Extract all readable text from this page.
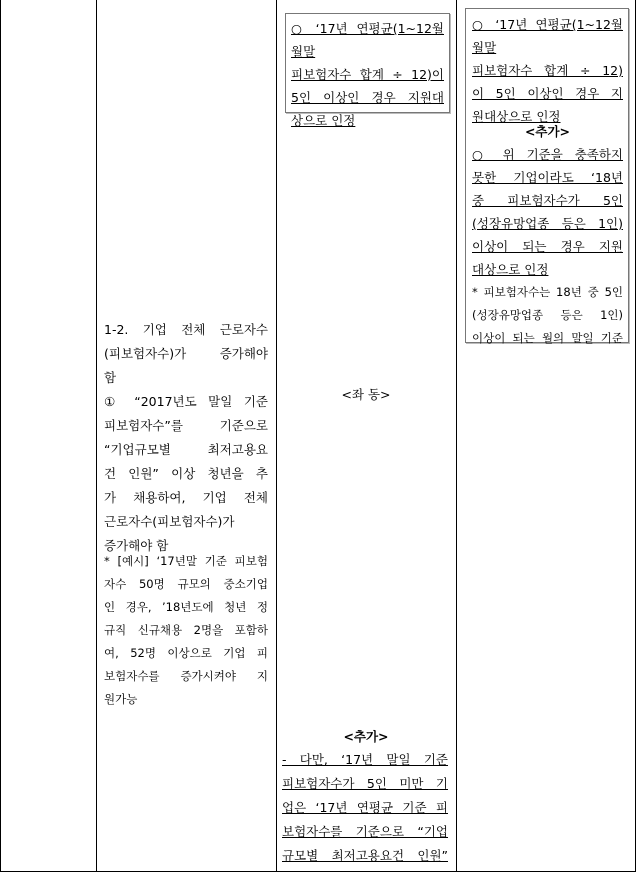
○ ‘17년 연평균(1~12월 월말

피보험자수 합계 ÷ 12)이

5인 이상인 경우 지원대

상으로 인정

○ ‘17년 연평균(1~12월 월말

피보험자수 합계 ÷ 12)

이 5인 이상인 경우 지

원대상으로 인정

<추가>

○ 위 기준을 충족하지

못한 기업이라도 ‘18년

중 피보험자수가 5인

(성장유망업종 등은 1인)

이상이 되는 경우 지원

대상으로 인정

* 피보험자수는 18년 중 5인

(성장유망업종 등은 1인)

이상이 되는 월의 말일 기준

1-2. 기업 전체 근로자수

(피보험자수)가 증가해야

함

① “2017년도 말일 기준

피보험자수”를 기준으로

“기업규모별 최저고용요

건 인원” 이상 청년을 추

가 채용하여, 기업 전체

근로자수(피보험자수)가

증가해야 함

* [예시] ‘17년말 기준 피보험

자수 50명 규모의 중소기업

인 경우, ’18년도에 청년 정

규직 신규채용 2명을 포함하

여, 52명 이상으로 기업 피

보험자수를 증가시켜야 지

원가능

<좌 동>
<추가>

- 다만, ‘17년 말일 기준

피보험자수가 5인 미만 기

업은 ‘17년 연평균 기준 피

보험자수를 기준으로 “기업

규모별 최저고용요건 인원”
